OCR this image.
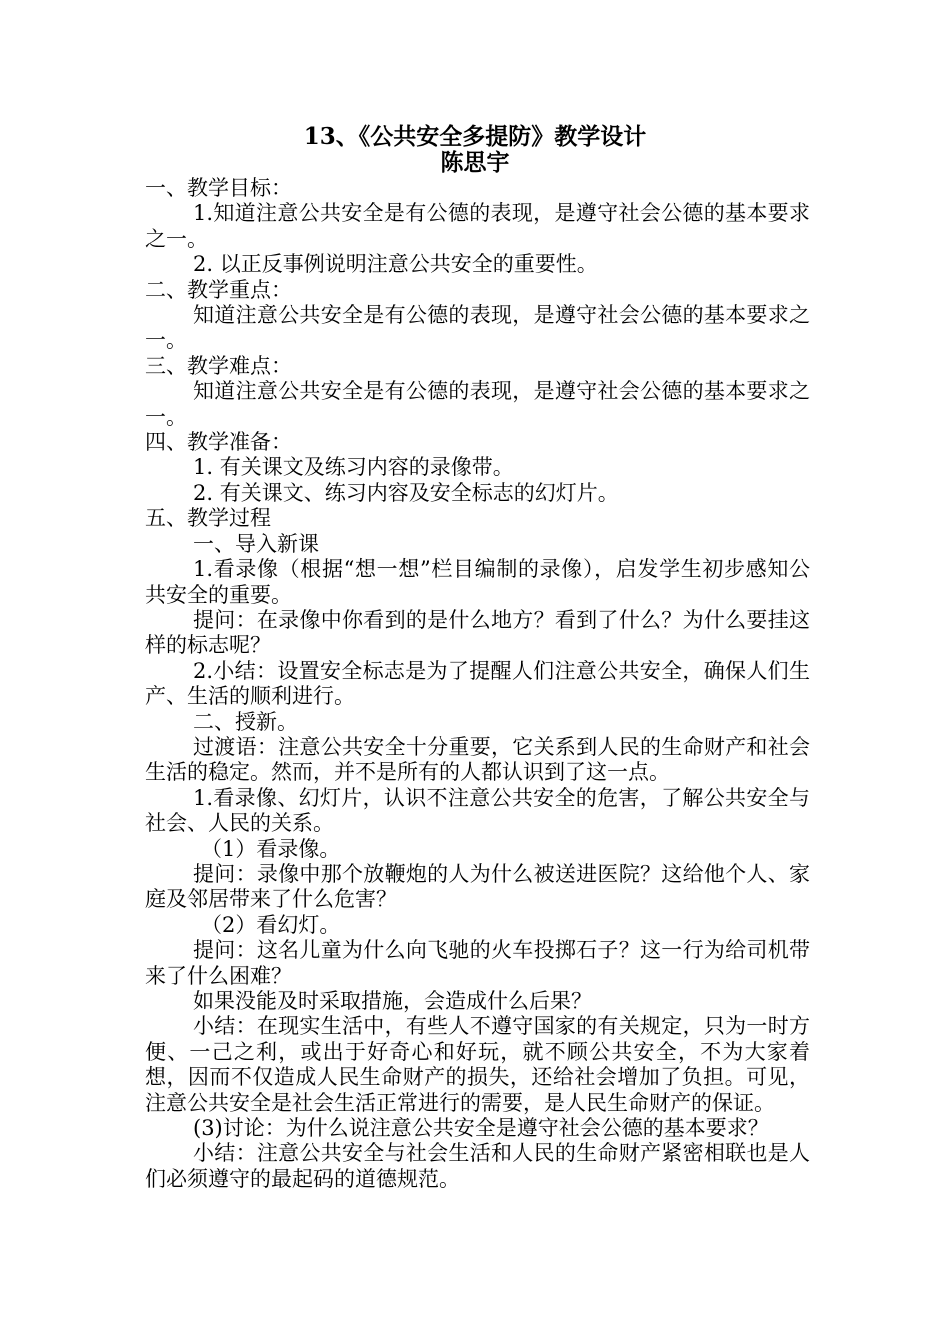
13、《公共安全多提防》教学设计
陈思宇

一、教学目标：

1.知道注意公共安全是有公德的表现，是遵守社会公德的基本要求之一。

2. 以正反事例说明注意公共安全的重要性。

二、教学重点：

知道注意公共安全是有公德的表现，是遵守社会公德的基本要求之一。

三、教学难点：

知道注意公共安全是有公德的表现，是遵守社会公德的基本要求之一。

四、教学准备：

1. 有关课文及练习内容的录像带。

2. 有关课文、练习内容及安全标志的幻灯片。

五、教学过程

一、导入新课

1.看录像（根据“想一想”栏目编制的录像），启发学生初步感知公共安全的重要。

提问：在录像中你看到的是什么地方？看到了什么？为什么要挂这样的标志呢？

2.小结：设置安全标志是为了提醒人们注意公共安全，确保人们生产、生活的顺利进行。

二、授新。

过渡语：注意公共安全十分重要，它关系到人民的生命财产和社会生活的稳定。然而，并不是所有的人都认识到了这一点。

1.看录像、幻灯片，认识不注意公共安全的危害，了解公共安全与社会、人民的关系。

（1）看录像。

提问：录像中那个放鞭炮的人为什么被送进医院？这给他个人、家庭及邻居带来了什么危害？

（2）看幻灯。

提问：这名儿童为什么向飞驰的火车投掷石子？这一行为给司机带来了什么困难？

如果没能及时采取措施，会造成什么后果？

小结：在现实生活中，有些人不遵守国家的有关规定，只为一时方便、一己之利，或出于好奇心和好玩，就不顾公共安全，不为大家着想，因而不仅造成人民生命财产的损失，还给社会增加了负担。可见，注意公共安全是社会生活正常进行的需要，是人民生命财产的保证。

(3)讨论：为什么说注意公共安全是遵守社会公德的基本要求？

小结：注意公共安全与社会生活和人民的生命财产紧密相联也是人们必须遵守的最起码的道德规范。
